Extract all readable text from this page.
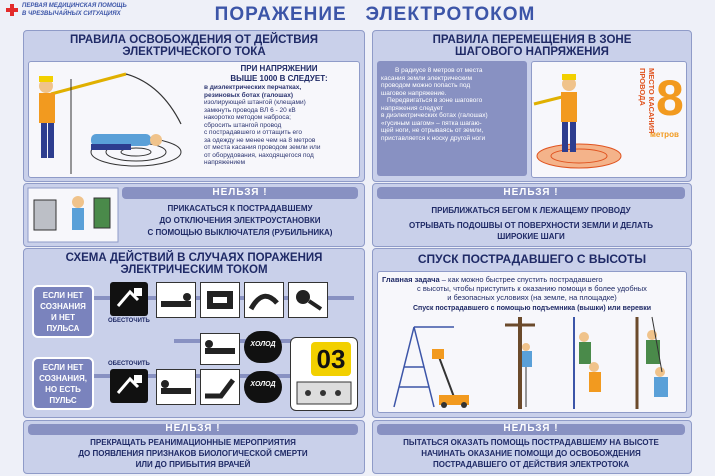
ПЕРВАЯ МЕДИЦИНСКАЯ ПОМОЩЬ
В ЧРЕЗВЫЧАЙНЫХ СИТУАЦИЯХ	ПОРАЖЕНИЕ   ЭЛЕКТРОТОКОМ
ПРАВИЛА ОСВОБОЖДЕНИЯ ОТ ДЕЙСТВИЯ
ЭЛЕКТРИЧЕСКОГО ТОКА
ПРИ НАПРЯЖЕНИИ
ВЫШЕ 1000 В СЛЕДУЕТ:
в диэлектрических перчатках,
резиновых ботах (галошах)
изолирующей штангой (клещами)
замкнуть провода ВЛ 6 - 20 кВ
накоротко методом наброса;
сбросить штангой провод
с пострадавшего и оттащить его
за одежду не менее чем на 8 метров
от места касания проводом земли или
от оборудования, находящегося под
напряжением
ПРАВИЛА ПЕРЕМЕЩЕНИЯ В ЗОНЕ
ШАГОВОГО НАПРЯЖЕНИЯ
В радиусе 8 метров от места
касания земли электрическим
проводом можно попасть под
шаговое напряжение.
Передвигаться в зоне шагового
напряжения следует
в диэлектрических ботах (галошах)
«гусиным шагом» – пятка шагаю-
щей ноги, не отрываясь от земли,
приставляется к носку другой ноги
МЕСТО КАСАНИЯ ПРОВОДА 8
метров
НЕЛЬЗЯ !
ПРИКАСАТЬСЯ К ПОСТРАДАВШЕМУ
ДО ОТКЛЮЧЕНИЯ ЭЛЕКТРОУСТАНОВКИ
С ПОМОЩЬЮ ВЫКЛЮЧАТЕЛЯ (РУБИЛЬНИКА)
НЕЛЬЗЯ !
ПРИБЛИЖАТЬСЯ БЕГОМ К ЛЕЖАЩЕМУ ПРОВОДУ
ОТРЫВАТЬ ПОДОШВЫ ОТ ПОВЕРХНОСТИ ЗЕМЛИ И ДЕЛАТЬ
ШИРОКИЕ ШАГИ
СХЕМА ДЕЙСТВИЙ В СЛУЧАЯХ ПОРАЖЕНИЯ
ЭЛЕКТРИЧЕСКИМ ТОКОМ
ЕСЛИ НЕТ
СОЗНАНИЯ
И НЕТ
ПУЛЬСА
ЕСЛИ НЕТ
СОЗНАНИЯ,
НО ЕСТЬ
ПУЛЬС
ОБЕСТОЧИТЬ
ХОЛОД
ОБЕСТОЧИТЬ
ХОЛОД
03
СПУСК ПОСТРАДАВШЕГО С ВЫСОТЫ
Главная задача – как можно быстрее спустить пострадавшего
с высоты, чтобы приступить к оказанию помощи в более удобных
и безопасных условиях (на земле, на площадке)
Спуск пострадавшего с помощью подъемника (вышки) или веревки
НЕЛЬЗЯ !
ПРЕКРАЩАТЬ РЕАНИМАЦИОННЫЕ МЕРОПРИЯТИЯ
ДО ПОЯВЛЕНИЯ ПРИЗНАКОВ БИОЛОГИЧЕСКОЙ СМЕРТИ
ИЛИ ДО ПРИБЫТИЯ ВРАЧЕЙ
НЕЛЬЗЯ !
ПЫТАТЬСЯ ОКАЗАТЬ ПОМОЩЬ ПОСТРАДАВШЕМУ НА ВЫСОТЕ
НАЧИНАТЬ ОКАЗАНИЕ ПОМОЩИ ДО ОСВОБОЖДЕНИЯ
ПОСТРАДАВШЕГО ОТ ДЕЙСТВИЯ ЭЛЕКТРОТОКА
